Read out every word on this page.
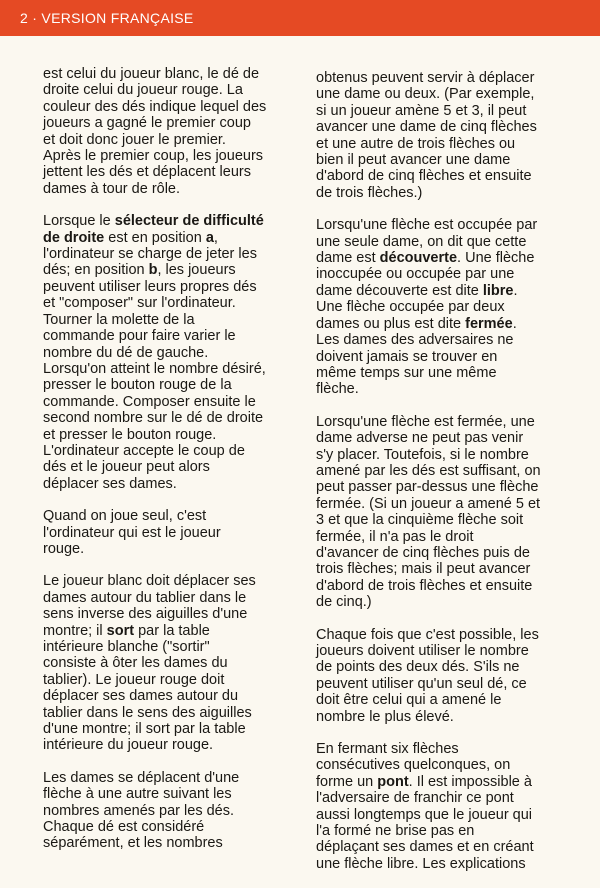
2 · VERSION FRANÇAISE

est celui du joueur blanc, le dé de
droite celui du joueur rouge. La
couleur des dés indique lequel des
joueurs a gagné le premier coup
et doit donc jouer le premier.
Après le premier coup, les joueurs
jettent les dés et déplacent leurs
dames à tour de rôle.

Lorsque le sélecteur de difficulté
de droite est en position a,
l'ordinateur se charge de jeter les
dés; en position b, les joueurs
peuvent utiliser leurs propres dés
et "composer" sur l'ordinateur.
Tourner la molette de la
commande pour faire varier le
nombre du dé de gauche.
Lorsqu'on atteint le nombre désiré,
presser le bouton rouge de la
commande. Composer ensuite le
second nombre sur le dé de droite
et presser le bouton rouge.
L'ordinateur accepte le coup de
dés et le joueur peut alors
déplacer ses dames.

Quand on joue seul, c'est
l'ordinateur qui est le joueur
rouge.

Le joueur blanc doit déplacer ses
dames autour du tablier dans le
sens inverse des aiguilles d'une
montre; il sort par la table
intérieure blanche ("sortir"
consiste à ôter les dames du
tablier). Le joueur rouge doit
déplacer ses dames autour du
tablier dans le sens des aiguilles
d'une montre; il sort par la table
intérieure du joueur rouge.

Les dames se déplacent d'une
flèche à une autre suivant les
nombres amenés par les dés.
Chaque dé est considéré
séparément, et les nombres

obtenus peuvent servir à déplacer
une dame ou deux. (Par exemple,
si un joueur amène 5 et 3, il peut
avancer une dame de cinq flèches
et une autre de trois flèches ou
bien il peut avancer une dame
d'abord de cinq flèches et ensuite
de trois flèches.)

Lorsqu'une flèche est occupée par
une seule dame, on dit que cette
dame est découverte. Une flèche
inoccupée ou occupée par une
dame découverte est dite libre.
Une flèche occupée par deux
dames ou plus est dite fermée.
Les dames des adversaires ne
doivent jamais se trouver en
même temps sur une même
flèche.

Lorsqu'une flèche est fermée, une
dame adverse ne peut pas venir
s'y placer. Toutefois, si le nombre
amené par les dés est suffisant, on
peut passer par-dessus une flèche
fermée. (Si un joueur a amené 5 et
3 et que la cinquième flèche soit
fermée, il n'a pas le droit
d'avancer de cinq flèches puis de
trois flèches; mais il peut avancer
d'abord de trois flèches et ensuite
de cinq.)

Chaque fois que c'est possible, les
joueurs doivent utiliser le nombre
de points des deux dés. S'ils ne
peuvent utiliser qu'un seul dé, ce
doit être celui qui a amené le
nombre le plus élevé.

En fermant six flèches
consécutives quelconques, on
forme un pont. Il est impossible à
l'adversaire de franchir ce pont
aussi longtemps que le joueur qui
l'a formé ne brise pas en
déplaçant ses dames et en créant
une flèche libre. Les explications
